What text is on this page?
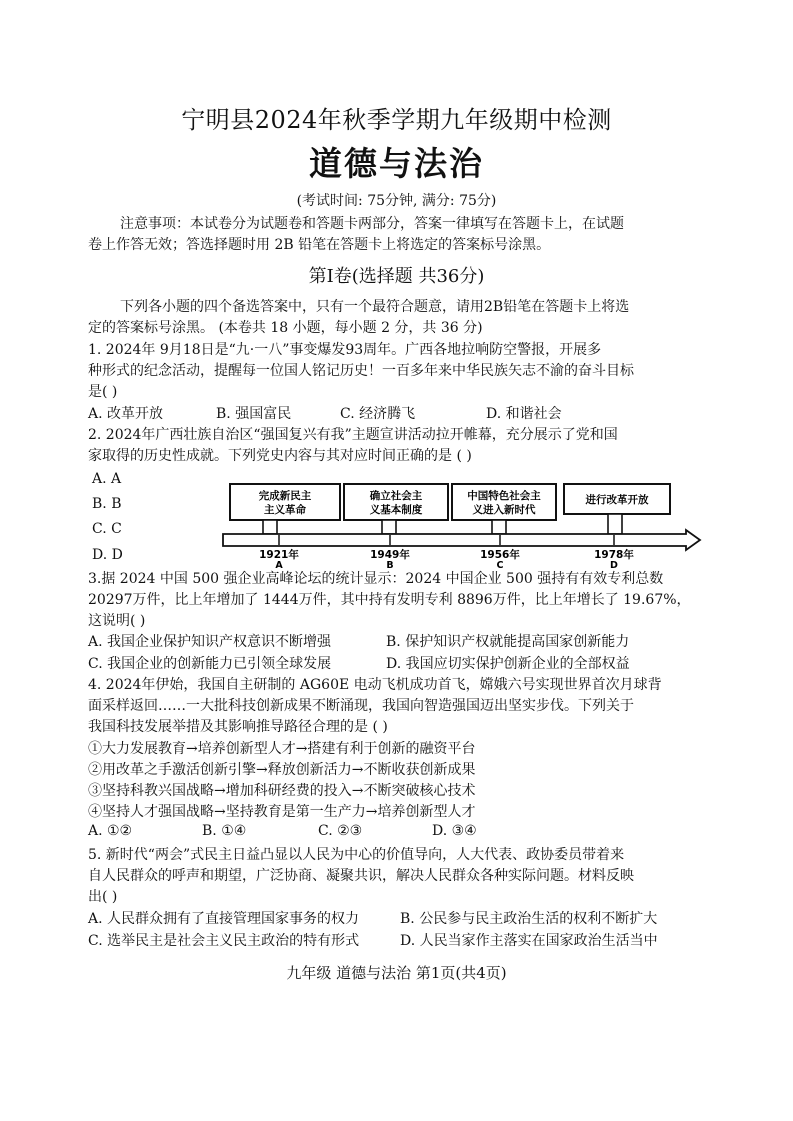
宁明县2024年秋季学期九年级期中检测
道德与法治
(考试时间: 75分钟, 满分: 75分)
注意事项：本试卷分为试题卷和答题卡两部分，答案一律填写在答题卡上，在试题
卷上作答无效；答选择题时用 2B 铅笔在答题卡上将选定的答案标号涂黑。
第Ⅰ卷(选择题 共36分)
下列各小题的四个备选答案中，只有一个最符合题意，请用2B铅笔在答题卡上将选
定的答案标号涂黑。 (本卷共 18 小题，每小题 2 分，共 36 分)
1. 2024年 9月18日是“九·一八”事变爆发93周年。广西各地拉响防空警报，开展多
种形式的纪念活动，提醒每一位国人铭记历史！一百多年来中华民族矢志不渝的奋斗目标
是( )
A. 改革开放	B. 强国富民	C. 经济腾飞	D. 和谐社会
2. 2024年广西壮族自治区“强国复兴有我”主题宣讲活动拉开帷幕，充分展示了党和国
家取得的历史性成就。下列党史内容与其对应时间正确的是 ( )
A. A
B. B
C. C
D. D
完成新民主
主义革命
确立社会主
义基本制度
中国特色社会主
义进入新时代
进行改革开放
1921年	1949年	1956年	1978年
A	B	C	D
3.据 2024 中国 500 强企业高峰论坛的统计显示：2024 中国企业 500 强持有有效专利总数
20297万件，比上年增加了 1444万件，其中持有发明专利 8896万件，比上年增长了 19.67%，
这说明( )
A. 我国企业保护知识产权意识不断增强	B. 保护知识产权就能提高国家创新能力
C. 我国企业的创新能力已引领全球发展	D. 我国应切实保护创新企业的全部权益
4. 2024年伊始，我国自主研制的 AG60E 电动飞机成功首飞，嫦娥六号实现世界首次月球背
面采样返回……一大批科技创新成果不断涌现，我国向智造强国迈出坚实步伐。下列关于
我国科技发展举措及其影响推导路径合理的是 ( )
①大力发展教育→培养创新型人才→搭建有利于创新的融资平台
②用改革之手激活创新引擎→释放创新活力→不断收获创新成果
③坚持科教兴国战略→增加科研经费的投入→不断突破核心技术
④坚持人才强国战略→坚持教育是第一生产力→培养创新型人才
A. ①②	B. ①④	C. ②③	D. ③④
5. 新时代“两会”式民主日益凸显以人民为中心的价值导向，人大代表、政协委员带着来
自人民群众的呼声和期望，广泛协商、凝聚共识，解决人民群众各种实际问题。材料反映
出( )
A. 人民群众拥有了直接管理国家事务的权力	B. 公民参与民主政治生活的权利不断扩大
C. 选举民主是社会主义民主政治的特有形式	D. 人民当家作主落实在国家政治生活当中
九年级 道德与法治 第1页(共4页)
